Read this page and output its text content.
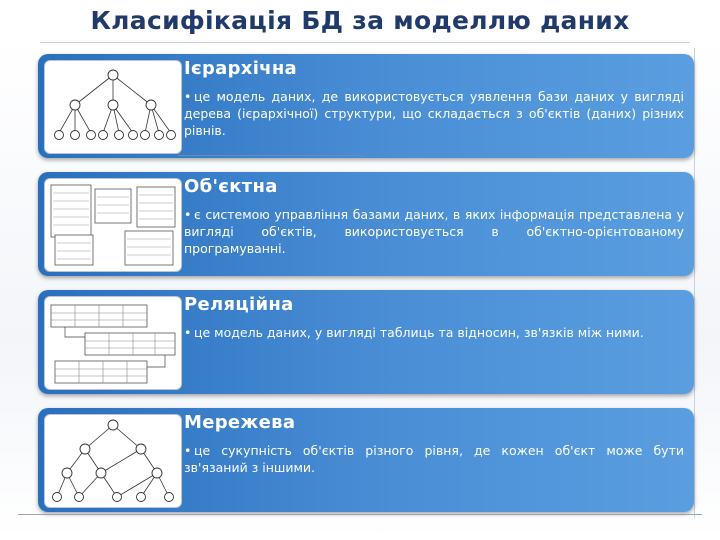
Класифікація БД за моделлю даних
Ієрархічна
• це модель даних, де використовується уявлення бази даних у вигляді дерева (ієрархічної) структури, що складається з об'єктів (даних) різних рівнів.
Об'єктна
• є системою управління базами даних, в яких інформація представлена у вигляді об'єктів, використовується в об'єктно-орієнтованому програмуванні.
Реляційна
• це модель даних, у вигляді таблиць та відносин, зв'язків між ними.
Мережева
• це сукупність об'єктів різного рівня, де кожен об'єкт може бути зв'язаний з іншими.
